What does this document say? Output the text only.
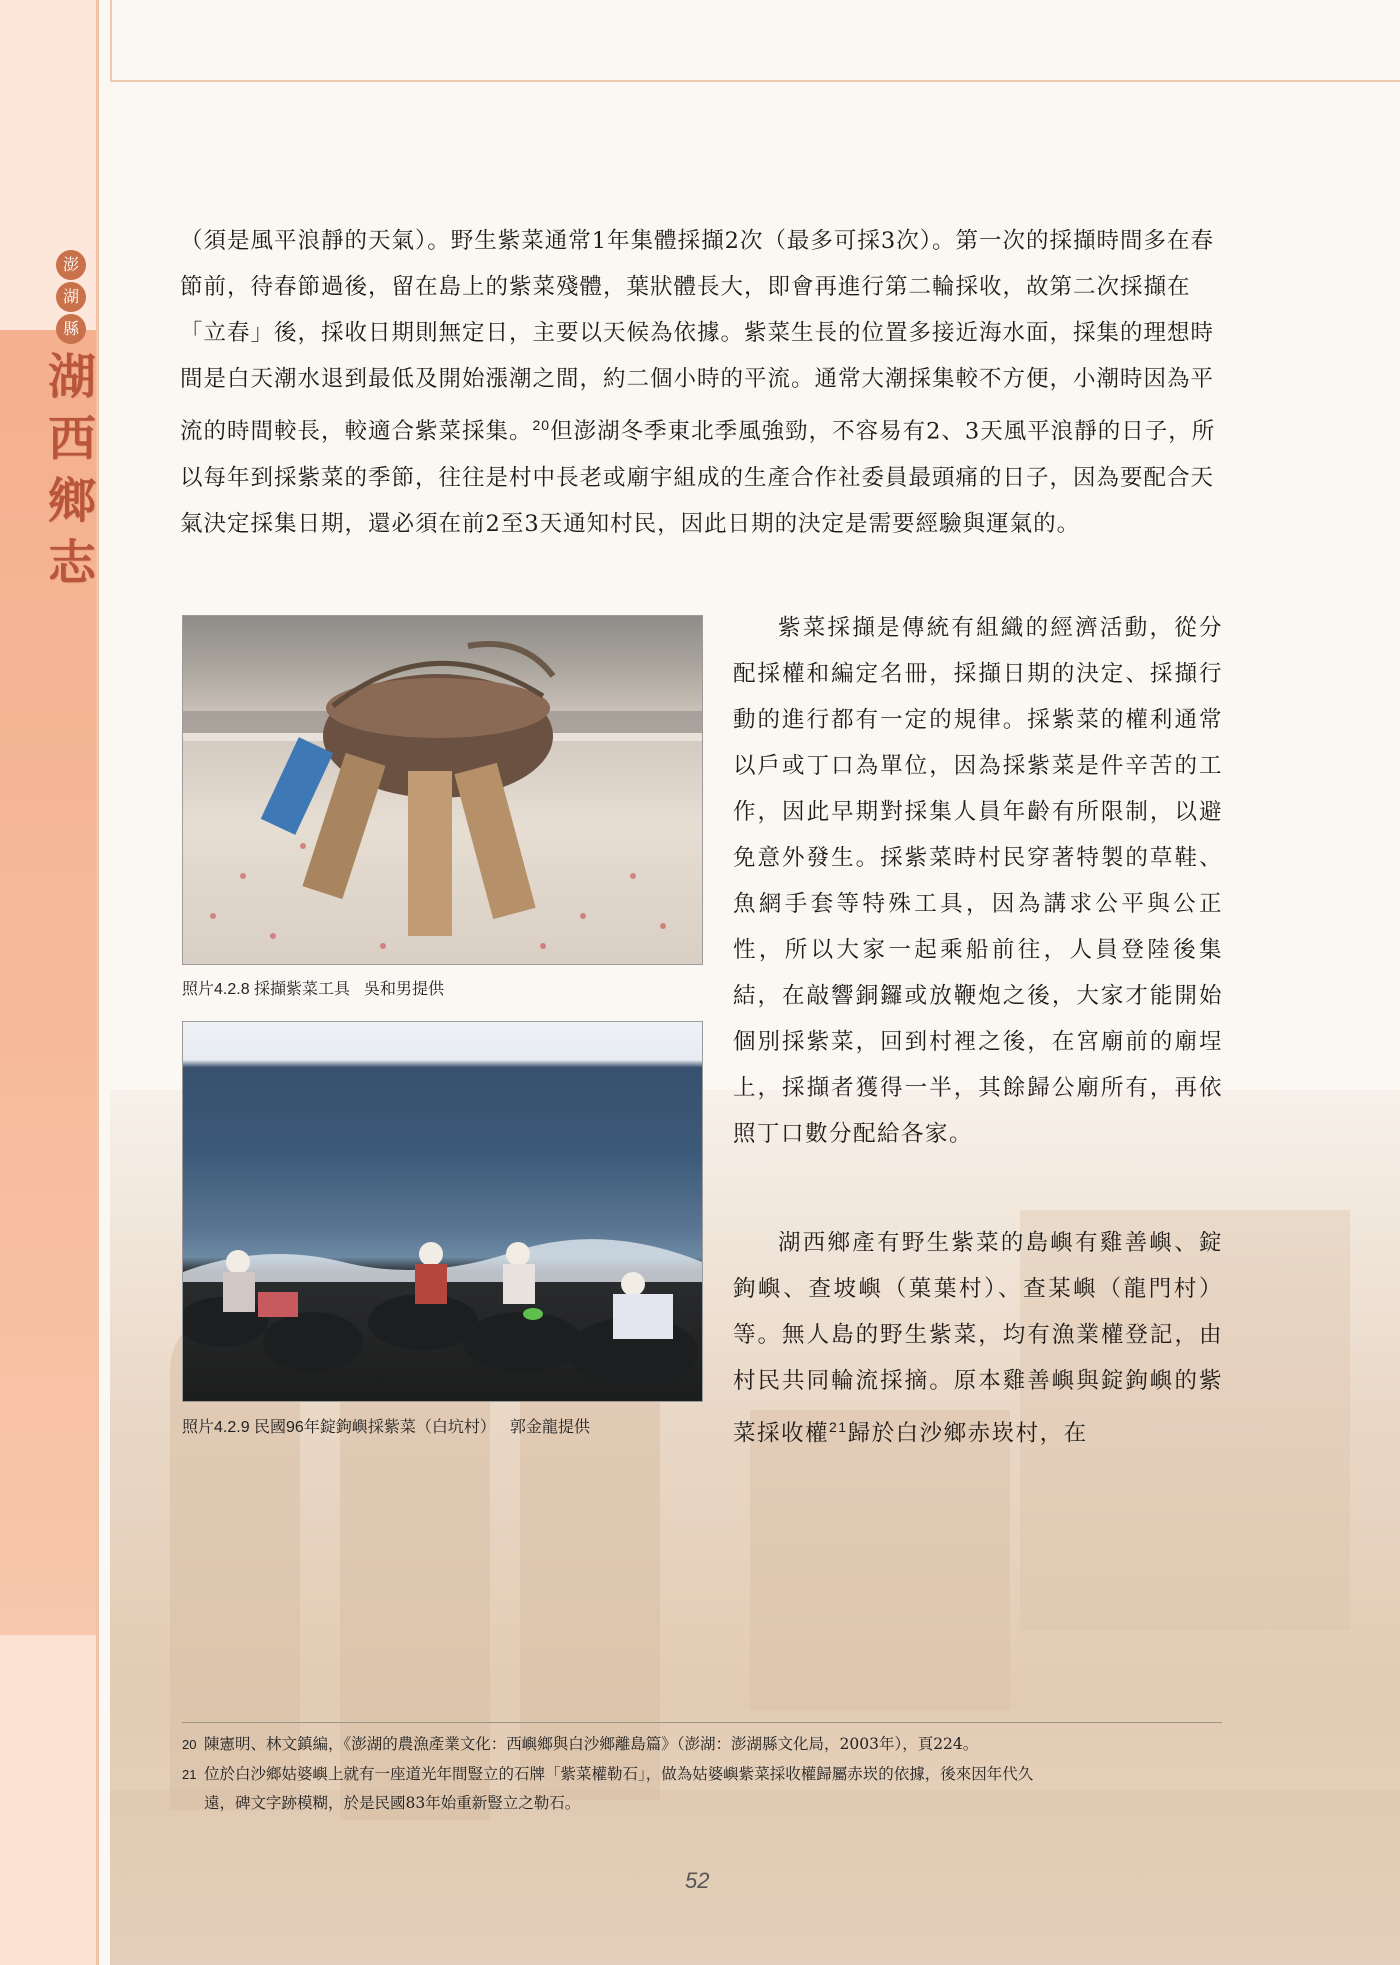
澎
湖
縣
湖
西
鄉
志

（須是風平浪靜的天氣）。野生紫菜通常1年集體採擷2次（最多可採3次）。第一次的採擷時間多在春節前，待春節過後，留在島上的紫菜殘體，葉狀體長大，即會再進行第二輪採收，故第二次採擷在「立春」後，採收日期則無定日，主要以天候為依據。紫菜生長的位置多接近海水面，採集的理想時間是白天潮水退到最低及開始漲潮之間，約二個小時的平流。通常大潮採集較不方便，小潮時因為平流的時間較長，較適合紫菜採集。$^{20}$但澎湖冬季東北季風強勁，不容易有2、3天風平浪靜的日子，所以每年到採紫菜的季節，往往是村中長老或廟宇組成的生產合作社委員最頭痛的日子，因為要配合天氣決定採集日期，還必須在前2至3天通知村民，因此日期的決定是需要經驗與運氣的。

照片4.2.8 採擷紫菜工具 吳和男提供

照片4.2.9 民國96年錠鉤嶼採紫菜（白坑村） 郭金龍提供

紫菜採擷是傳統有組織的經濟活動，從分配採權和編定名冊，採擷日期的決定、採擷行動的進行都有一定的規律。採紫菜的權利通常以戶或丁口為單位，因為採紫菜是件辛苦的工作，因此早期對採集人員年齡有所限制，以避免意外發生。採紫菜時村民穿著特製的草鞋、魚網手套等特殊工具，因為講求公平與公正性，所以大家一起乘船前往，人員登陸後集結，在敲響銅鑼或放鞭炮之後，大家才能開始個別採紫菜，回到村裡之後，在宮廟前的廟埕上，採擷者獲得一半，其餘歸公廟所有，再依照丁口數分配給各家。

湖西鄉產有野生紫菜的島嶼有雞善嶼、錠鉤嶼、查坡嶼（菓葉村）、查某嶼（龍門村）等。無人島的野生紫菜，均有漁業權登記，由村民共同輪流採摘。原本雞善嶼與錠鉤嶼的紫菜採收權$^{21}$歸於白沙鄉赤崁村，在

20 陳憲明、林文鎮編，《澎湖的農漁產業文化：西嶼鄉與白沙鄉離島篇》（澎湖：澎湖縣文化局，2003年），頁224。

21 位於白沙鄉姑婆嶼上就有一座道光年間豎立的石牌「紫菜權勒石」，做為姑婆嶼紫菜採收權歸屬赤崁的依據，後來因年代久
遠，碑文字跡模糊，於是民國83年始重新豎立之勒石。

52
